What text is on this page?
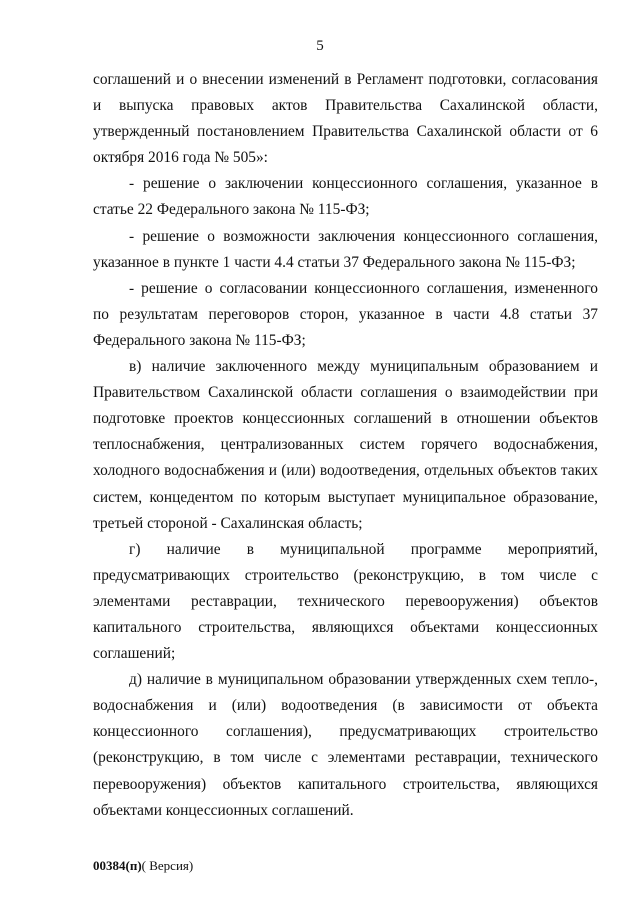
5

соглашений и о внесении изменений в Регламент подготовки, согласования и выпуска правовых актов Правительства Сахалинской области, утвержденный постановлением Правительства Сахалинской области от 6 октября 2016 года № 505»:

- решение о заключении концессионного соглашения, указанное в статье 22 Федерального закона № 115-ФЗ;

- решение о возможности заключения концессионного соглашения, указанное в пункте 1 части 4.4 статьи 37 Федерального закона № 115-ФЗ;

- решение о согласовании концессионного соглашения, измененного по результатам переговоров сторон, указанное в части 4.8 статьи 37 Федерального закона № 115-ФЗ;

в) наличие заключенного между муниципальным образованием и Правительством Сахалинской области соглашения о взаимодействии при подготовке проектов концессионных соглашений в отношении объектов теплоснабжения, централизованных систем горячего водоснабжения, холодного водоснабжения и (или) водоотведения, отдельных объектов таких систем, концедентом по которым выступает муниципальное образование, третьей стороной - Сахалинская область;

г) наличие в муниципальной программе мероприятий, предусматривающих строительство (реконструкцию, в том числе с элементами реставрации, технического перевооружения) объектов капитального строительства, являющихся объектами концессионных соглашений;

д) наличие в муниципальном образовании утвержденных схем тепло-, водоснабжения и (или) водоотведения (в зависимости от объекта концессионного соглашения), предусматривающих строительство (реконструкцию, в том числе с элементами реставрации, технического перевооружения) объектов капитального строительства, являющихся объектами концессионных соглашений.

00384(п)( Версия)
